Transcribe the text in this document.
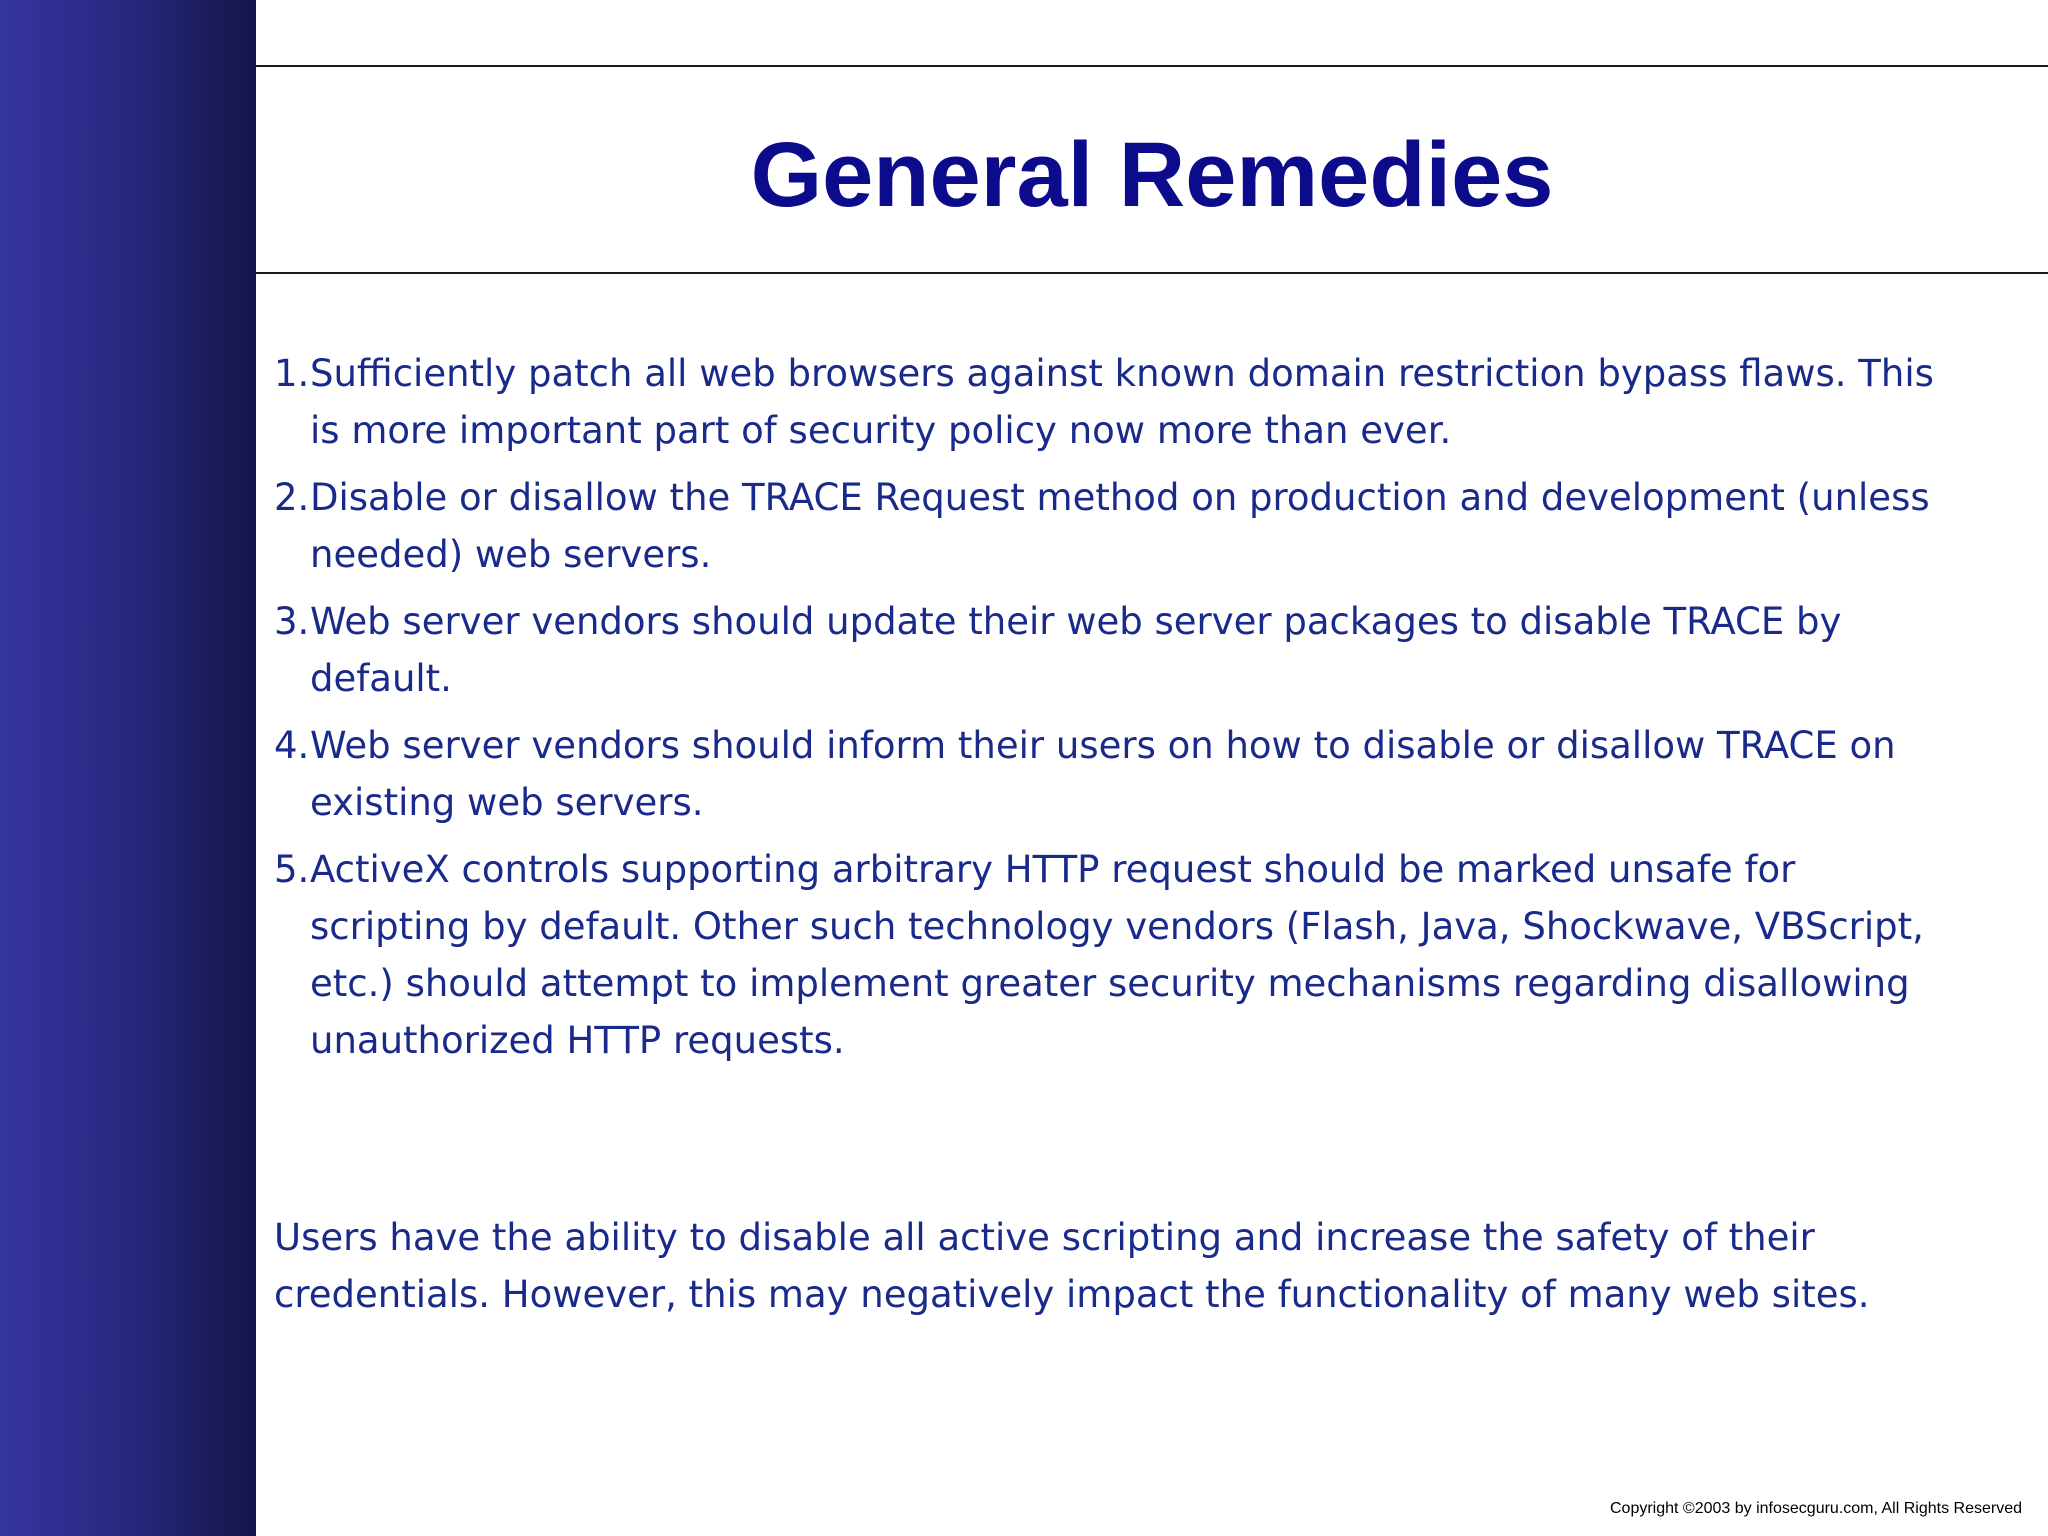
General Remedies
1. Sufficiently patch all web browsers against known domain restriction bypass flaws. This is more important part of security policy now more than ever.
2. Disable or disallow the TRACE Request method on production and development (unless needed) web servers.
3. Web server vendors should update their web server packages to disable TRACE by default.
4. Web server vendors should inform their users on how to disable or disallow TRACE on existing web servers.
5. ActiveX controls supporting arbitrary HTTP request should be marked unsafe for scripting by default. Other such technology vendors (Flash, Java, Shockwave, VBScript, etc.) should attempt to implement greater security mechanisms regarding disallowing unauthorized HTTP requests.

Users have the ability to disable all active scripting and increase the safety of their credentials. However, this may negatively impact the functionality of many web sites.

Copyright ©2003 by infosecguru.com, All Rights Reserved
